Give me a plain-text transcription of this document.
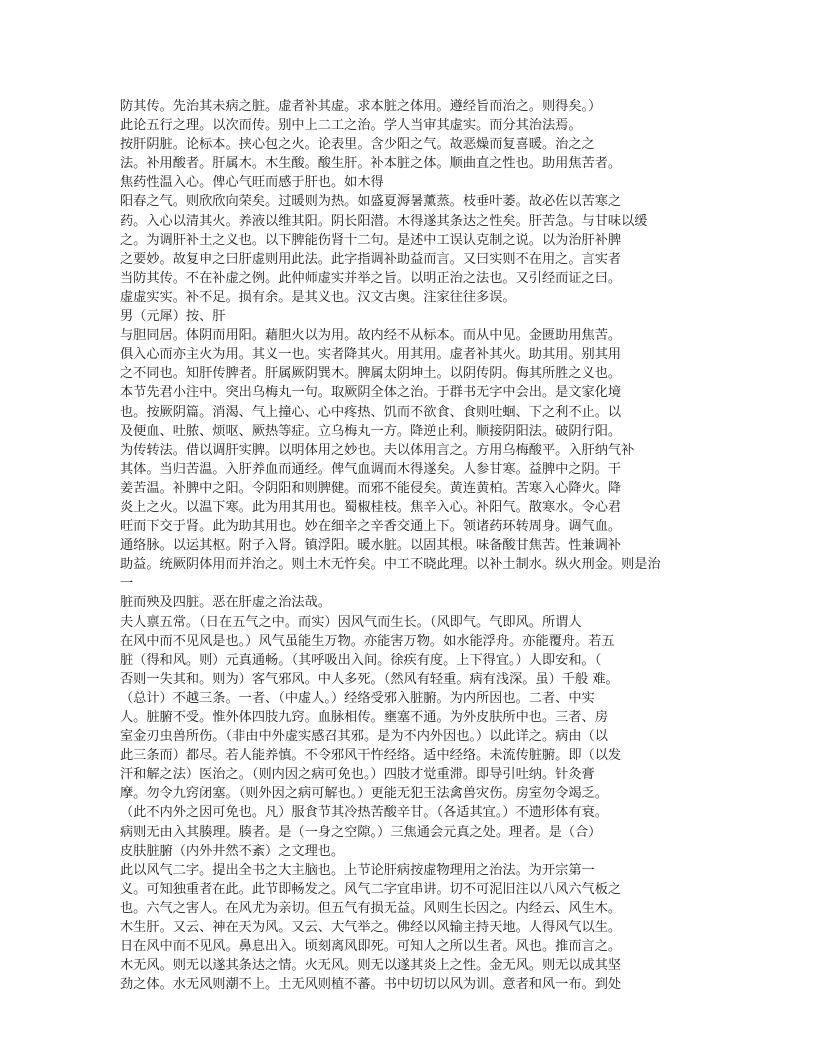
防其传。先治其未病之脏。虚者补其虚。求本脏之体用。遵经旨而治之。则得矣。）
此论五行之理。以次而传。别中上二工之治。学人当审其虚实。而分其治法焉。
按肝阴脏。论标本。挟心包之火。论表里。含少阳之气。故恶燥而复喜暖。治之之
法。补用酸者。肝属木。木生酸。酸生肝。补本脏之体。顺曲直之性也。助用焦苦者。
焦药性温入心。俾心气旺而感于肝也。如木得
阳春之气。则欣欣向荣矣。过暖则为热。如盛夏溽暑薰蒸。枝垂叶萎。故必佐以苦寒之
药。入心以清其火。养液以维其阳。阴长阳潜。木得遂其条达之性矣。肝苦急。与甘味以缓
之。为调肝补土之义也。以下脾能伤肾十二句。是述中工误认克制之说。以为治肝补脾
之要妙。故复申之曰肝虚则用此法。此字指调补助益而言。又曰实则不在用之。言实者
当防其传。不在补虚之例。此仲师虚实并举之旨。以明正治之法也。又引经而证之曰。
虚虚实实。补不足。损有余。是其义也。汉文古奥。注家往往多误。
男（元犀）按、肝
与胆同居。体阴而用阳。藉胆火以为用。故内经不从标本。而从中见。金匮助用焦苦。
俱入心而亦主火为用。其义一也。实者降其火。用其用。虚者补其火。助其用。别其用
之不同也。知肝传脾者。肝属厥阴巽木。脾属太阴坤土。以阴传阴。侮其所胜之义也。
本节先君小注中。突出乌梅丸一句。取厥阴全体之治。于群书无字中会出。是文家化境
也。按厥阴篇。消渴、气上撞心、心中疼热、饥而不欲食、食则吐蛔、下之利不止。以
及便血、吐脓、烦呕、厥热等症。立乌梅丸一方。降逆止利。顺接阴阳法。破阴行阳。
为传转法。借以调肝实脾。以明体用之妙也。夫以体用言之。方用乌梅酸平。入肝纳气补
其体。当归苦温。入肝养血而通经。俾气血调而木得遂矣。人参甘寒。益脾中之阴。干
姜苦温。补脾中之阳。令阴阳和则脾健。而邪不能侵矣。黄连黄柏。苦寒入心降火。降
炎上之火。以温下寒。此为用其用也。蜀椒桂枝。焦辛入心。补阳气。散寒水。令心君
旺而下交于肾。此为助其用也。妙在细辛之辛香交通上下。领诸药环转周身。调气血。
通络脉。以运其枢。附子入肾。镇浮阳。暖水脏。以固其根。味备酸甘焦苦。性兼调补
助益。统厥阴体用而并治之。则土木无忤矣。中工不晓此理。以补土制水。纵火刑金。则是治
一
脏而殃及四脏。恶在肝虚之治法哉。
夫人禀五常。（日在五气之中。而实）因风气而生长。（风即气。气即风。所谓人
在风中而不见风是也。）风气虽能生万物。亦能害万物。如水能浮舟。亦能覆舟。若五
脏（得和风。则）元真通畅。（其呼吸出入间。徐疾有度。上下得宜。）人即安和。（
否则一失其和。则为）客气邪风。中人多死。（然风有轻重。病有浅深。虽）千般 难。
（总计）不越三条。一者、（中虚人。）经络受邪入脏腑。为内所因也。二者、中实
人。脏腑不受。惟外体四肢九窍。血脉相传。壅塞不通。为外皮肤所中也。三者、房
室金刃虫兽所伤。（非由中外虚实感召其邪。是为不内外因也。）以此详之。病由（以
此三条而）都尽。若人能养慎。不令邪风干忤经络。适中经络。未流传脏腑。即（以发
汗和解之法）医治之。（则内因之病可免也。）四肢才觉重滞。即导引吐纳。针灸膏
摩。勿令九窍闭塞。（则外因之病可解也。）更能无犯王法禽兽灾伤。房室勿令竭乏。
（此不内外之因可免也。凡）服食节其冷热苦酸辛甘。（各适其宜。）不遗形体有衰。
病则无由入其腠理。腠者。是（一身之空隙。）三焦通会元真之处。理者。是（合）
皮肤脏腑（内外井然不紊）之文理也。
此以风气二字。提出全书之大主脑也。上节论肝病按虚物理用之治法。为开宗第一
义。可知独重者在此。此节即畅发之。风气二字宜串讲。切不可泥旧注以八风六气板之
也。六气之害人。在风尤为亲切。但五气有损无益。风则生长因之。内经云、风生木。
木生肝。又云、神在天为风。又云、大气举之。佛经以风输主持天地。人得风气以生。
日在风中而不见风。鼻息出入。顷刻离风即死。可知人之所以生者。风也。推而言之。
木无风。则无以遂其条达之情。火无风。则无以遂其炎上之性。金无风。则无以成其坚
劲之体。水无风则潮不上。土无风则植不蕃。书中切切以风为训。意者和风一布。到处
